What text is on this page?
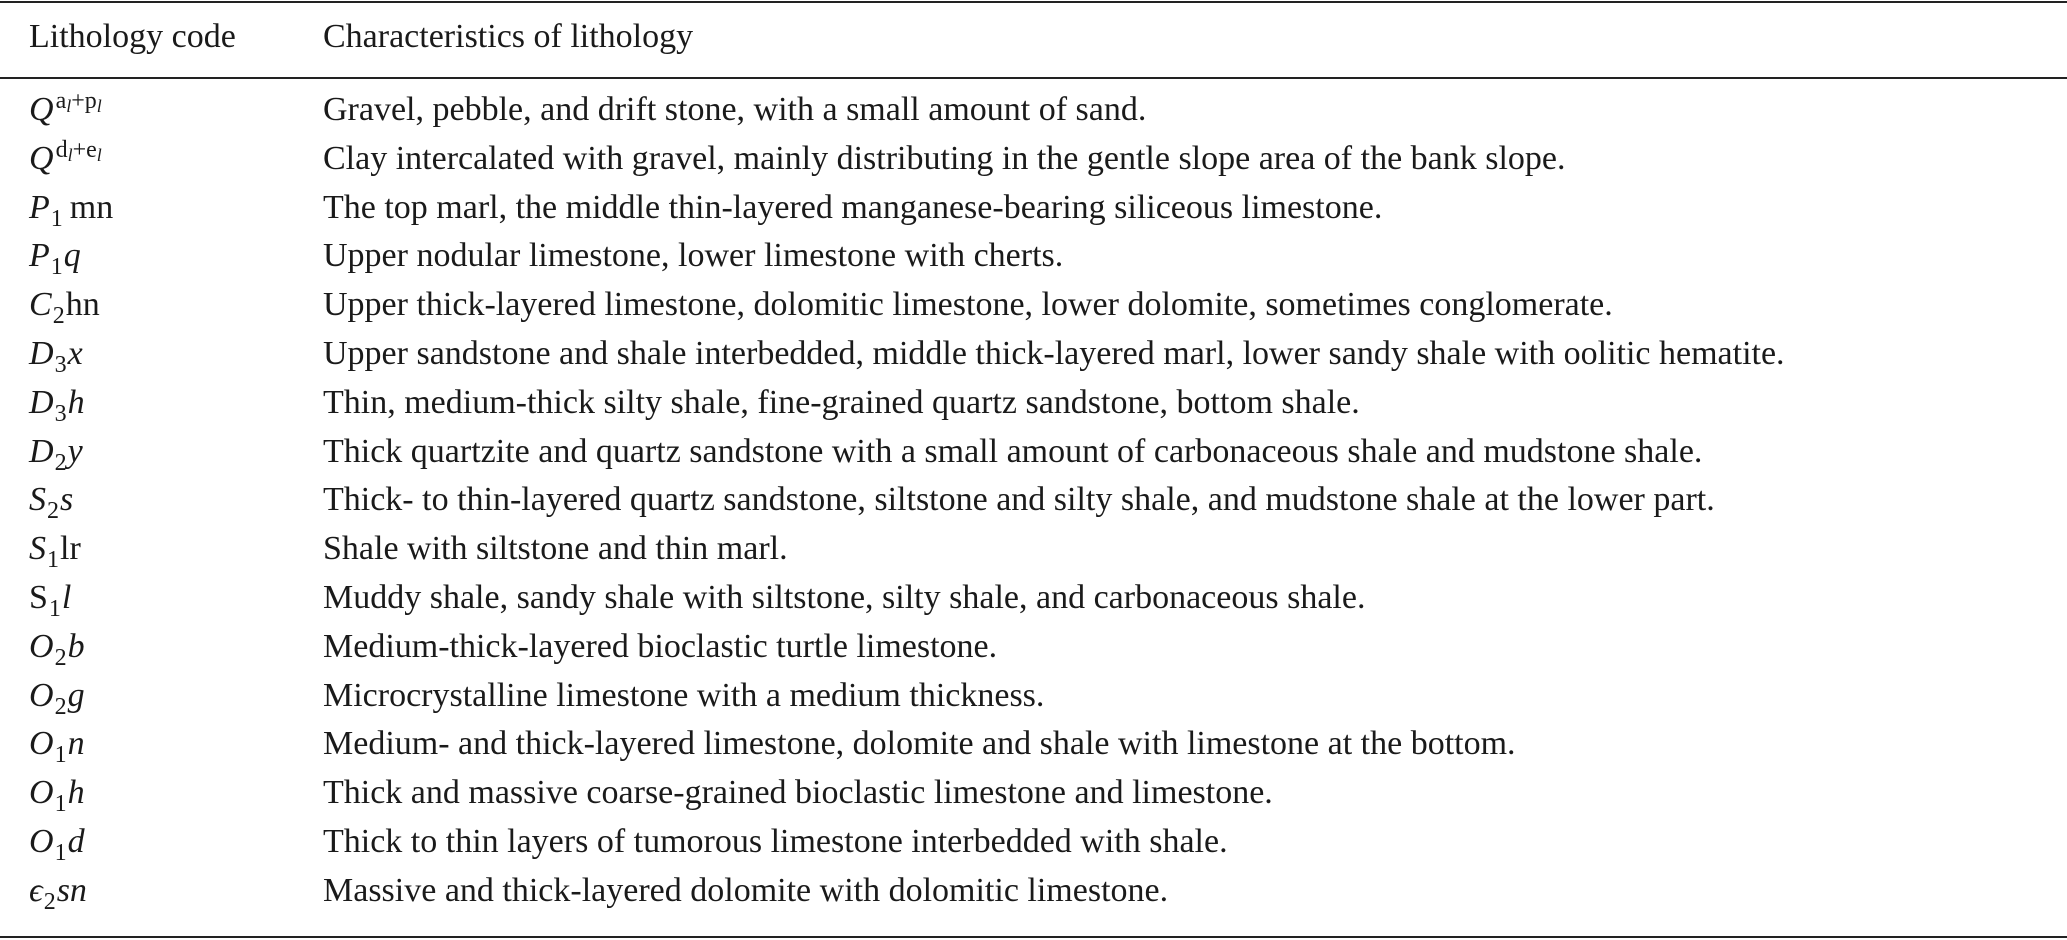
Lithology code	Characteristics of lithology
$Q^{al+pl}$	Gravel, pebble, and drift stone, with a small amount of sand.
$Q^{dl+el}$	Clay intercalated with gravel, mainly distributing in the gentle slope area of the bank slope.
$P_1$ mn	The top marl, the middle thin-layered manganese-bearing siliceous limestone.
$P_1q$	Upper nodular limestone, lower limestone with cherts.
$C_2hn$	Upper thick-layered limestone, dolomitic limestone, lower dolomite, sometimes conglomerate.
$D_3x$	Upper sandstone and shale interbedded, middle thick-layered marl, lower sandy shale with oolitic hematite.
$D_3h$	Thin, medium-thick silty shale, fine-grained quartz sandstone, bottom shale.
$D_2y$	Thick quartzite and quartz sandstone with a small amount of carbonaceous shale and mudstone shale.
$S_2s$	Thick- to thin-layered quartz sandstone, siltstone and silty shale, and mudstone shale at the lower part.
$S_1lr$	Shale with siltstone and thin marl.
$S_1l$	Muddy shale, sandy shale with siltstone, silty shale, and carbonaceous shale.
$O_2b$	Medium-thick-layered bioclastic turtle limestone.
$O_2g$	Microcrystalline limestone with a medium thickness.
$O_1n$	Medium- and thick-layered limestone, dolomite and shale with limestone at the bottom.
$O_1h$	Thick and massive coarse-grained bioclastic limestone and limestone.
$O_1d$	Thick to thin layers of tumorous limestone interbedded with shale.
$\epsilon_2sn$	Massive and thick-layered dolomite with dolomitic limestone.
